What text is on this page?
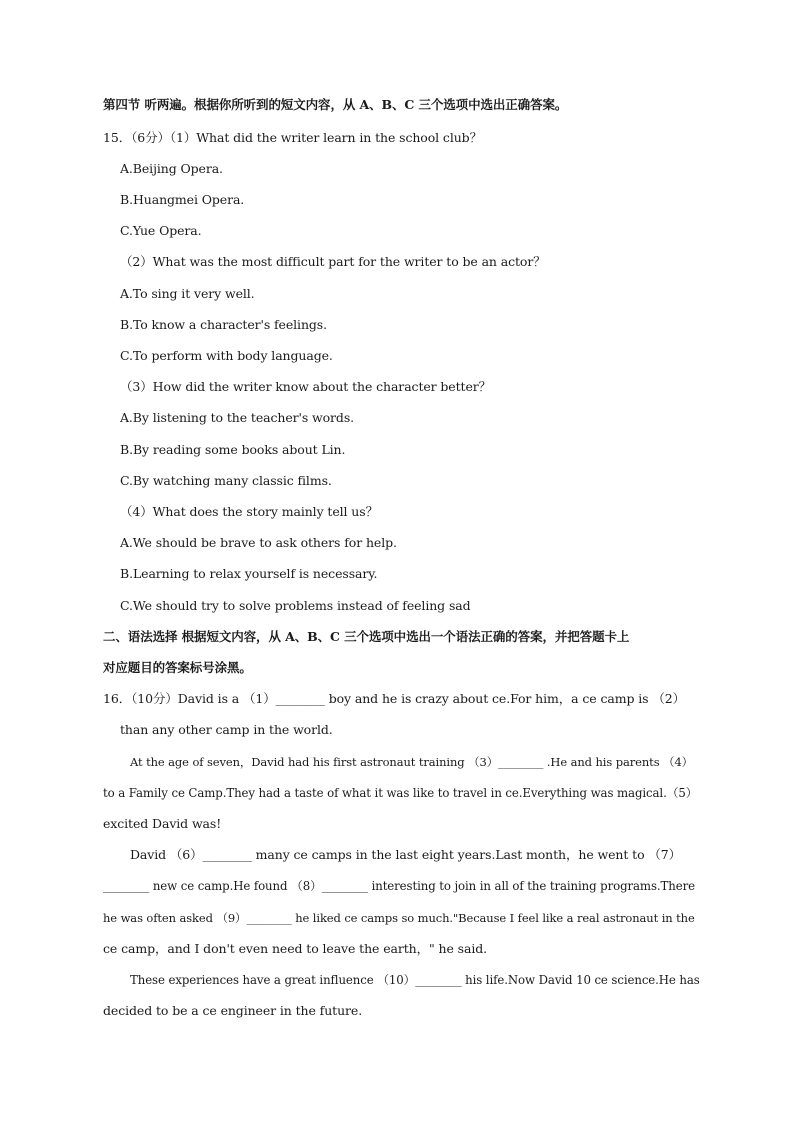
第四节 听两遍。根据你所听到的短文内容，从 A、B、C 三个选项中选出正确答案。
15．（6分）（1）What did the writer learn in the school club？
A.Beijing Opera.
B.Huangmei Opera.
C.Yue Opera.
（2）What was the most difficult part for the writer to be an actor？
A.To sing it very well.
B.To know a character's feelings.
C.To perform with body language.
（3）How did the writer know about the character better？
A.By listening to the teacher's words.
B.By reading some books about Lin.
C.By watching many classic films.
（4）What does the story mainly tell us？
A.We should be brave to ask others for help.
B.Learning to relax yourself is necessary.
C.We should try to solve problems instead of feeling sad
二、语法选择 根据短文内容，从 A、B、C 三个选项中选出一个语法正确的答案，并把答题卡上
对应题目的答案标号涂黑。
16．（10分）David is a （1）________ boy and he is crazy about ce.For him，a ce camp is （2）
than any other camp in the world.
At the age of seven，David had his first astronaut training （3）________ .He and his parents （4）
to a Family ce Camp.They had a taste of what it was like to travel in ce.Everything was magical.（5）
excited David was!
David （6）________ many ce camps in the last eight years.Last month，he went to （7）
________ new ce camp.He found （8）________ interesting to join in all of the training programs.There
he was often asked （9）________ he liked ce camps so much."Because I feel like a real astronaut in the
ce camp，and I don't even need to leave the earth，" he said.
These experiences have a great influence （10）________ his life.Now David 10 ce science.He has
decided to be a ce engineer in the future.
